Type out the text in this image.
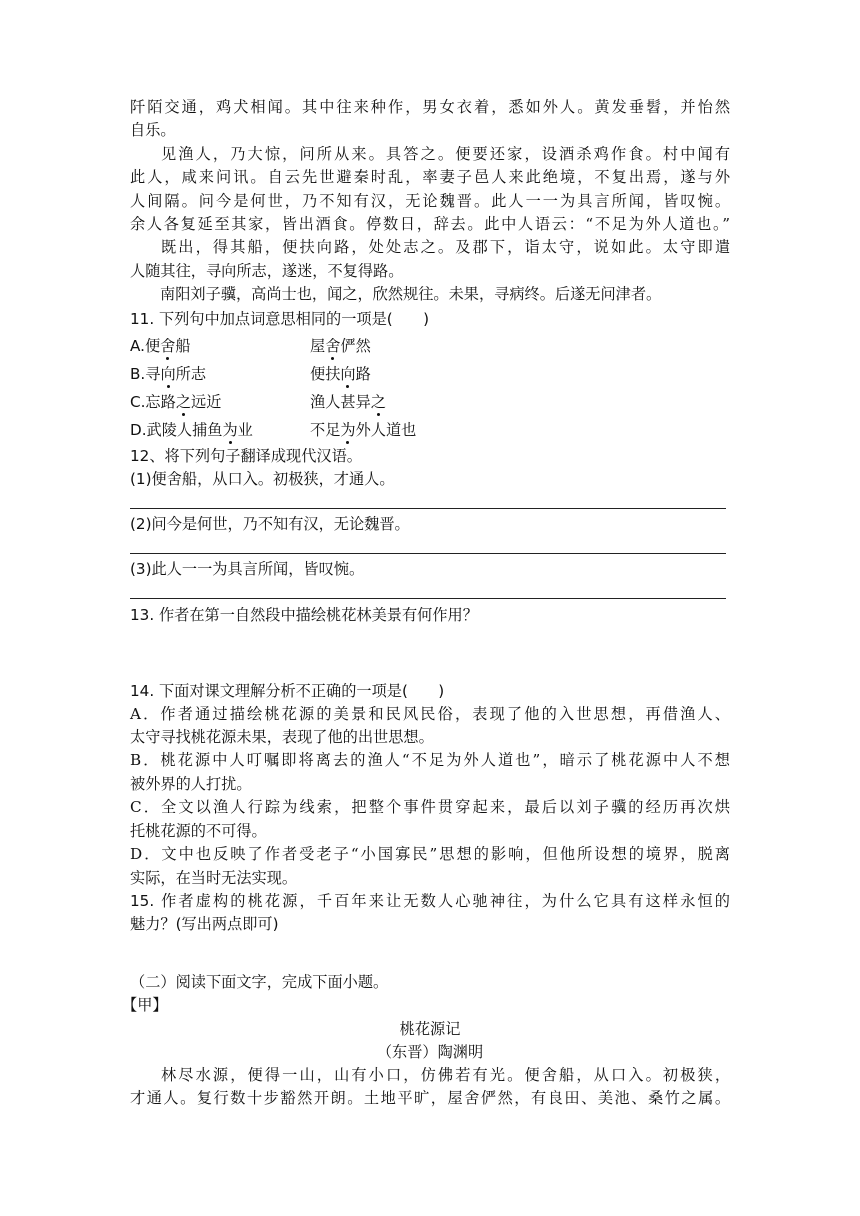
阡陌交通，鸡犬相闻。其中往来种作，男女衣着，悉如外人。黄发垂髫，并怡然

自乐。

见渔人，乃大惊，问所从来。具答之。便要还家，设酒杀鸡作食。村中闻有

此人，咸来问讯。自云先世避秦时乱，率妻子邑人来此绝境，不复出焉，遂与外

人间隔。问今是何世，乃不知有汉，无论魏晋。此人一一为具言所闻，皆叹惋。

余人各复延至其家，皆出酒食。停数日，辞去。此中人语云：“不足为外人道也。”

既出，得其船，便扶向路，处处志之。及郡下，诣太守，说如此。太守即遣

人随其往，寻向所志，遂迷，不复得路。

南阳刘子骥，高尚士也，闻之，欣然规往。未果，寻病终。后遂无问津者。

11. 下列句中加点词意思相同的一项是(　　)

A.便舍船	屋舍俨然
B.寻向所志	便扶向路
C.忘路之远近	渔人甚异之
D.武陵人捕鱼为业	不足为外人道也

12、将下列句子翻译成现代汉语。

(1)便舍船，从口入。初极狭，才通人。

(2)问今是何世，乃不知有汉，无论魏晋。

(3)此人一一为具言所闻，皆叹惋。

13. 作者在第一自然段中描绘桃花林美景有何作用？

14. 下面对课文理解分析不正确的一项是(　　)

A．作者通过描绘桃花源的美景和民风民俗，表现了他的入世思想，再借渔人、

太守寻找桃花源未果，表现了他的出世思想。

B．桃花源中人叮嘱即将离去的渔人“不足为外人道也”，暗示了桃花源中人不想

被外界的人打扰。

C．全文以渔人行踪为线索，把整个事件贯穿起来，最后以刘子骥的经历再次烘

托桃花源的不可得。

D．文中也反映了作者受老子“小国寡民”思想的影响，但他所设想的境界，脱离

实际，在当时无法实现。

15. 作者虚构的桃花源，千百年来让无数人心驰神往，为什么它具有这样永恒的

魅力？(写出两点即可)

（二）阅读下面文字，完成下面小题。

【甲】

桃花源记

（东晋）陶渊明

林尽水源，便得一山，山有小口，仿佛若有光。便舍船，从口入。初极狭，

才通人。复行数十步豁然开朗。土地平旷，屋舍俨然，有良田、美池、桑竹之属。
